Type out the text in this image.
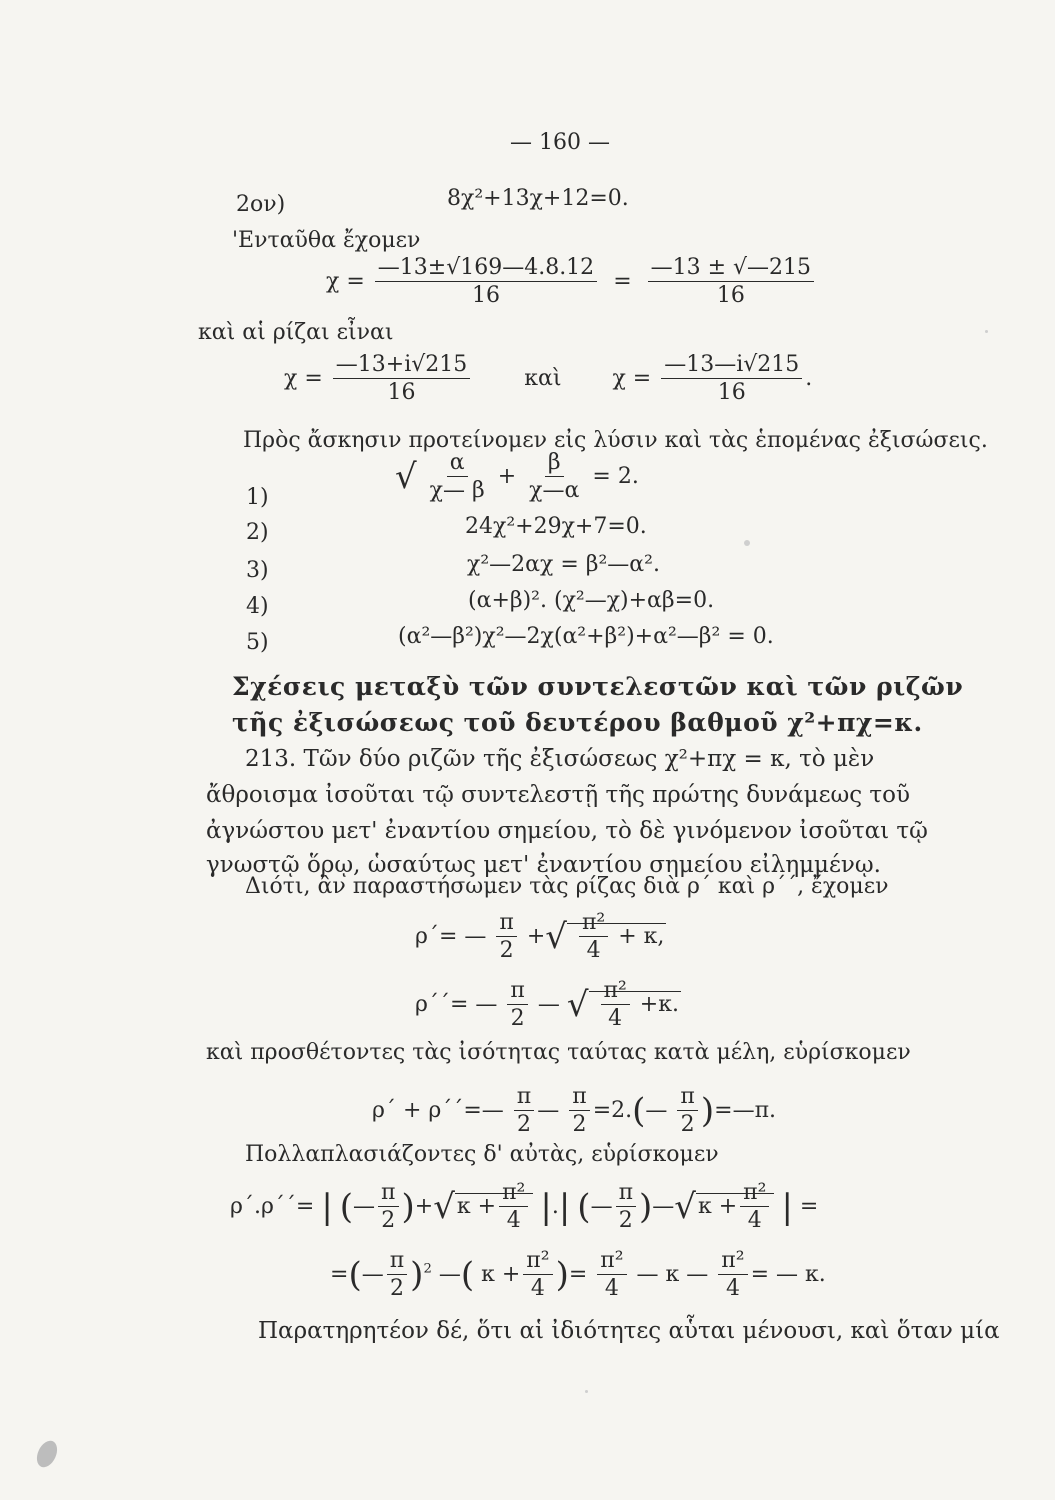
— 160 —
2ον)	8χ²+13χ+12=0.
'Ενταῦθα ἔχομεν
$\chi = \frac{—13\pm√169—4.8.12}{16} = \frac{—13 \pm √—215}{16}$
καὶ αἱ ρίζαι εἶναι
$\chi = \frac{—13+i√215}{16}$ καὶ $\chi = \frac{—13—i√215}{16}$ .
Πρὸς ἄσκησιν προτείνομεν εἰς λύσιν καὶ τὰς ἑπομένας ἐξισώσεις.
1)
√ $\frac{\alpha}{\chi— \beta} + \frac{\beta}{\chi—\alpha} = 2$.
2)	24χ²+29χ+7=0.
3)	χ²—2αχ = β²—α².
4)	(α+β)². (χ²—χ)+αβ=0.
5)	(α²—β²)χ²—2χ(α²+β²)+α²—β² = 0.
Σχέσεις μεταξὺ τῶν συντελεστῶν καὶ τῶν ριζῶν
τῆς ἐξισώσεως τοῦ δευτέρου βαθμοῦ χ²+πχ=κ.
213. Τῶν δύο ριζῶν τῆς ἐξισώσεως χ²+πχ = κ, τὸ μὲν
ἄθροισμα ἰσοῦται τῷ συντελεστῇ τῆς πρώτης δυνάμεως τοῦ
ἀγνώστου μετ' ἐναντίου σημείου, τὸ δὲ γινόμενον ἰσοῦται τῷ
γνωστῷ ὅρῳ, ὡσαύτως μετ' ἐναντίου σημείου εἰλημμένῳ.
Διότι, ἂν παραστήσωμεν τὰς ρίζας διὰ ρ΄ καὶ ρ΄΄, ἔχομεν
ρ΄= — $\frac{\pi}{2}$ +√ $\frac{\text{π²}}{4} + \kappa$,
ρ΄΄= — $\frac{\pi}{2}$ — √ $\frac{\text{π²}}{4} +\kappa$.
καὶ προσθέτοντες τὰς ἰσότητας ταύτας κατὰ μέλη, εὑρίσκομεν
ρ΄ + ρ΄΄=— $\frac{\pi}{2}$ — $\frac{\pi}{2}$ =2.(— $\frac{\pi}{2}$ )=—π.
Πολλαπλασιάζοντες δ' αὐτὰς, εὑρίσκομεν
ρ΄.ρ΄΄= | (— $\frac{\pi}{2} )+√\kappa + \frac{\text{π²}}{4}$ |.| (— $\frac{\pi}{2}$ )—√κ + $\frac{\text{π²}}{4}$ | =
=(— $\frac{\pi}{2} )^2$ —( $\kappa + \frac{\text{π²}}{4}$ )= $\frac{\text{π²}}{4}$ — κ — $\frac{\text{π²}}{4}$ = — κ.
Παρατηρητέον δέ, ὅτι αἱ ἰδιότητες αὗται μένουσι, καὶ ὅταν μία
